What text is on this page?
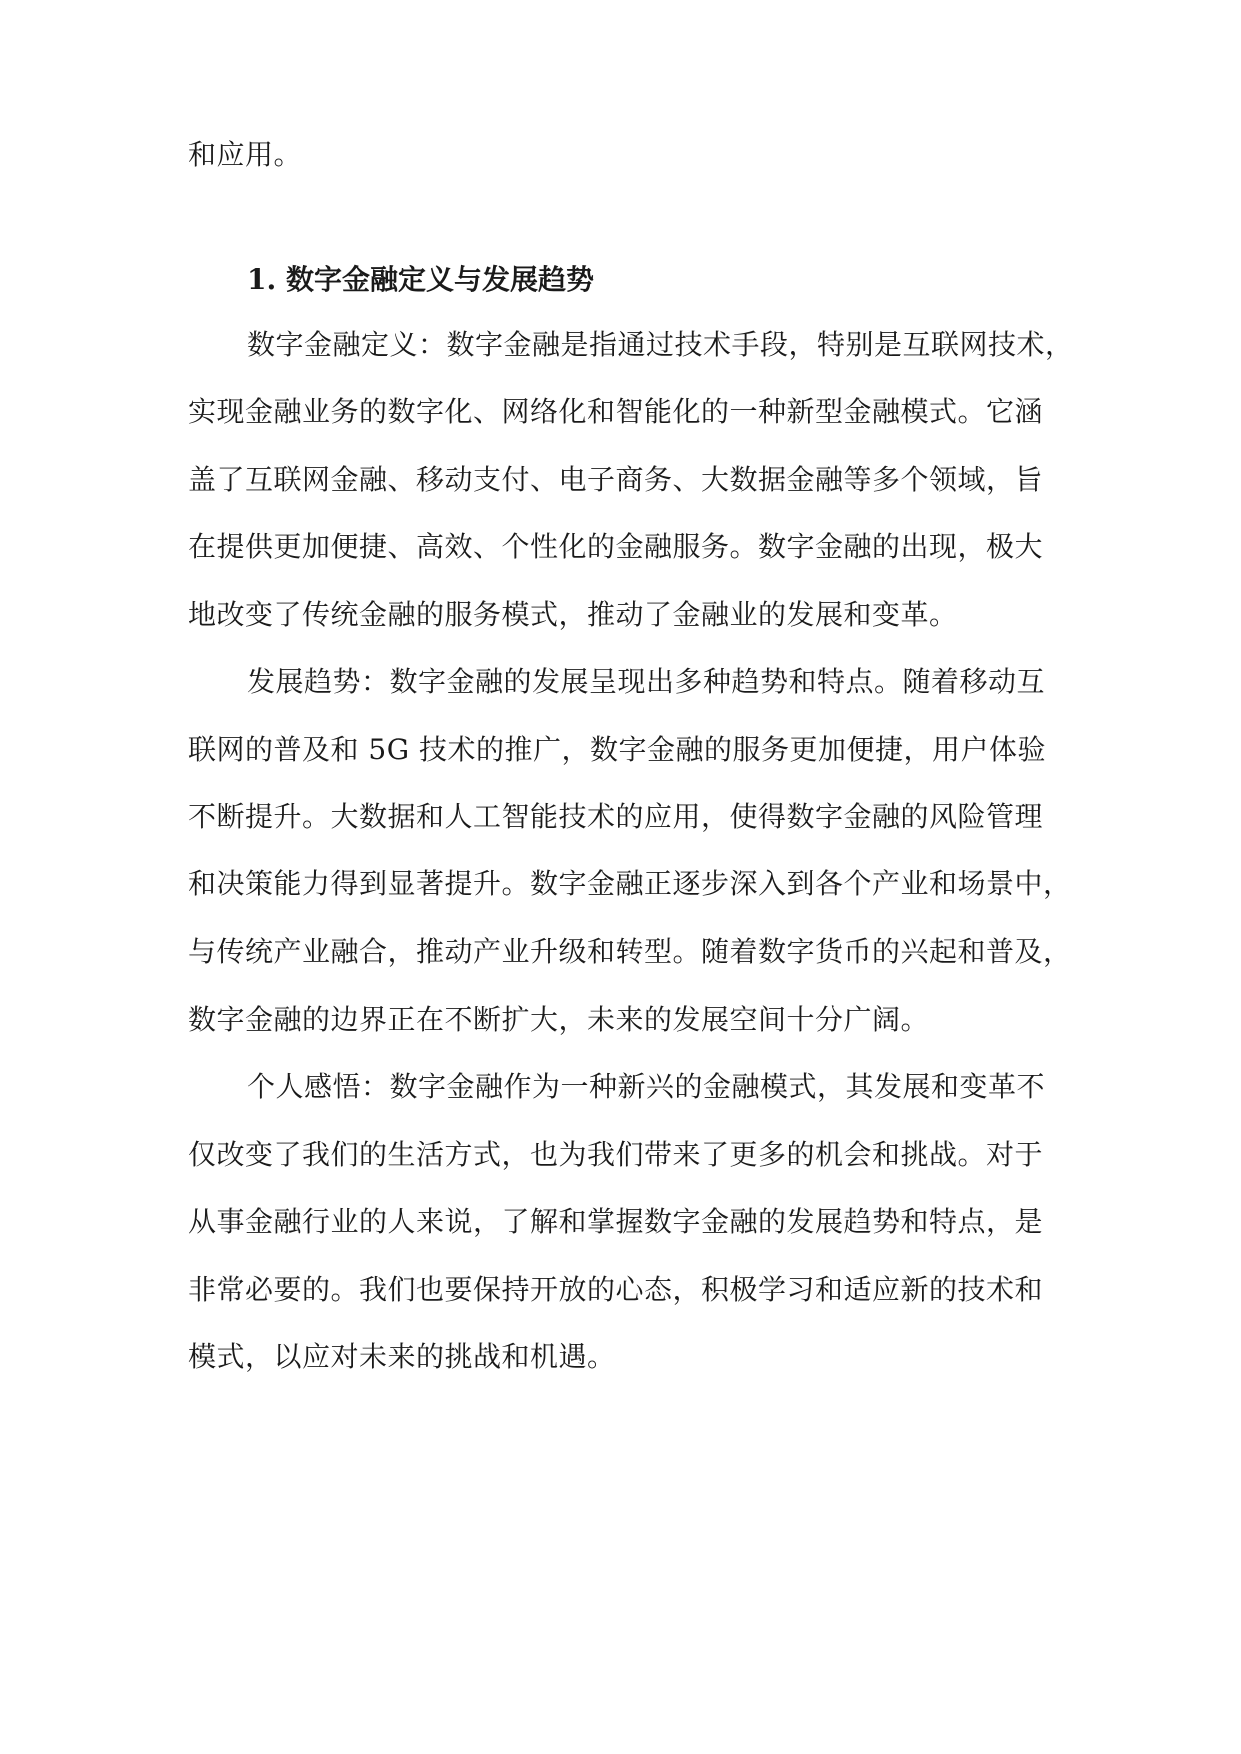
和应用。
1. 数字金融定义与发展趋势
数字金融定义：数字金融是指通过技术手段，特别是互联网技术，
实现金融业务的数字化、网络化和智能化的一种新型金融模式。它涵
盖了互联网金融、移动支付、电子商务、大数据金融等多个领域，旨
在提供更加便捷、高效、个性化的金融服务。数字金融的出现，极大
地改变了传统金融的服务模式，推动了金融业的发展和变革。
发展趋势：数字金融的发展呈现出多种趋势和特点。随着移动互
联网的普及和 5G 技术的推广，数字金融的服务更加便捷，用户体验
不断提升。大数据和人工智能技术的应用，使得数字金融的风险管理
和决策能力得到显著提升。数字金融正逐步深入到各个产业和场景中，
与传统产业融合，推动产业升级和转型。随着数字货币的兴起和普及，
数字金融的边界正在不断扩大，未来的发展空间十分广阔。
个人感悟：数字金融作为一种新兴的金融模式，其发展和变革不
仅改变了我们的生活方式，也为我们带来了更多的机会和挑战。对于
从事金融行业的人来说，了解和掌握数字金融的发展趋势和特点，是
非常必要的。我们也要保持开放的心态，积极学习和适应新的技术和
模式，以应对未来的挑战和机遇。
